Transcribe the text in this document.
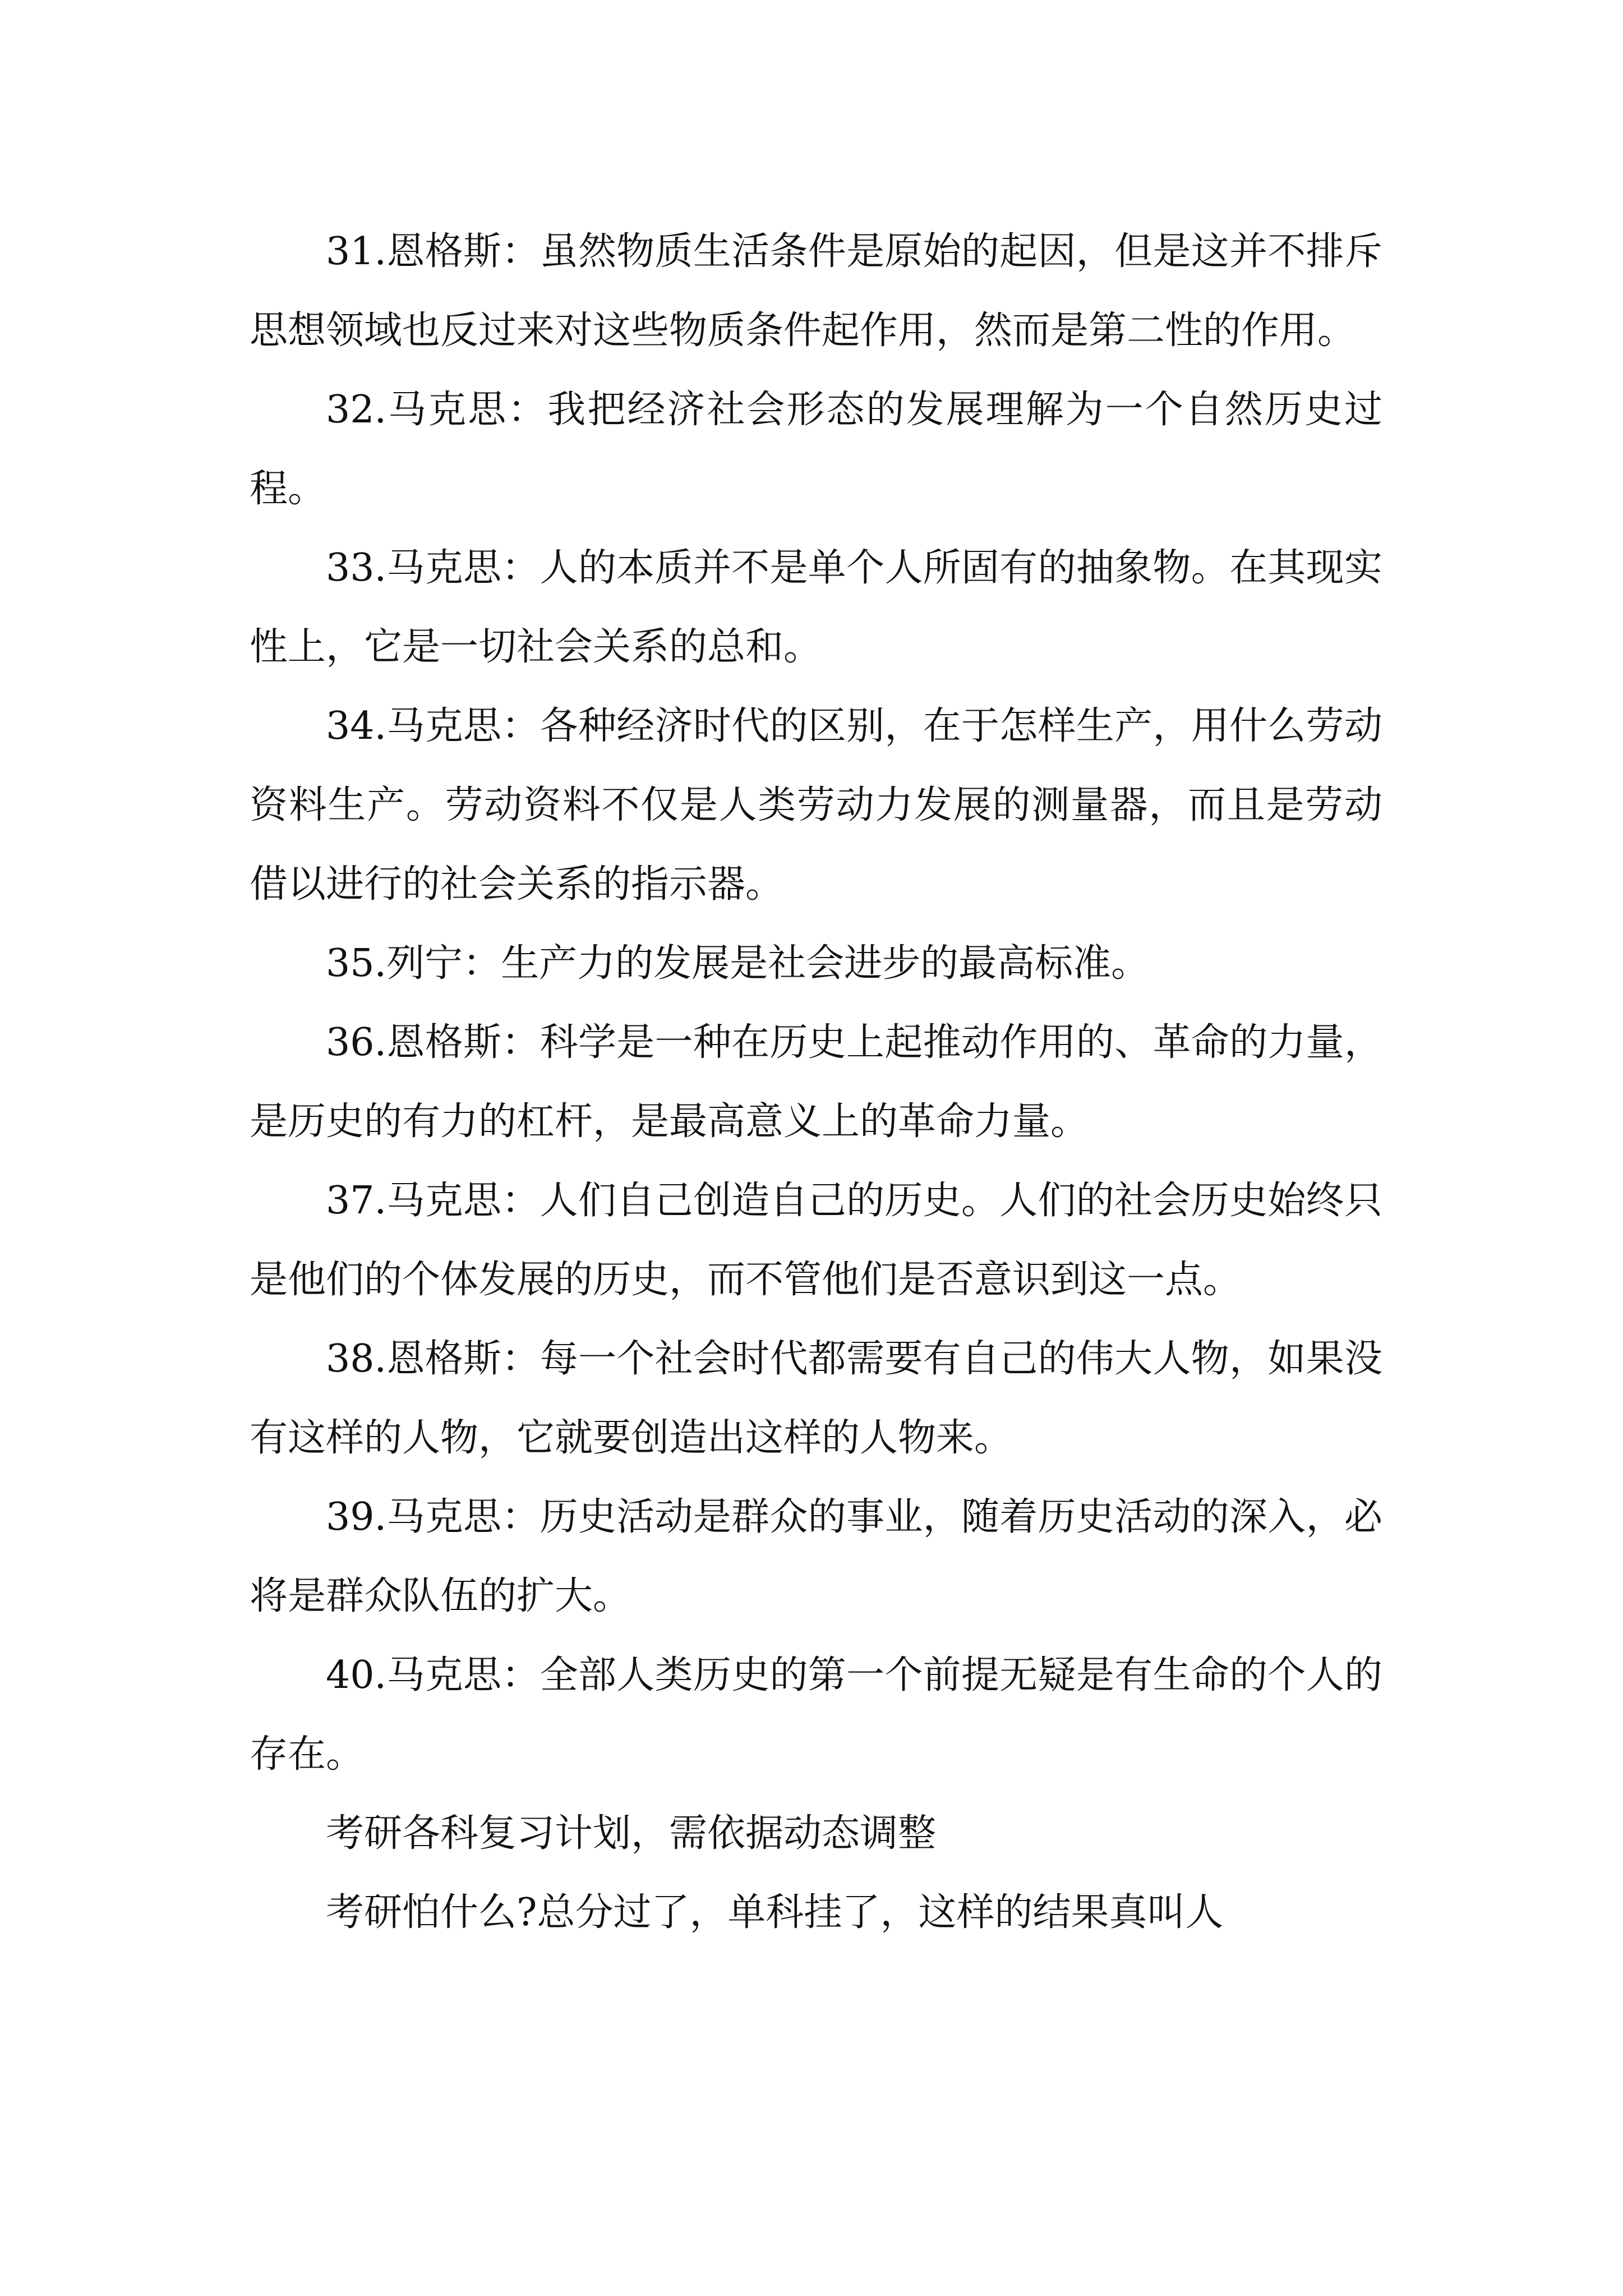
31.恩格斯：虽然物质生活条件是原始的起因，但是这并不排斥思想领域也反过来对这些物质条件起作用，然而是第二性的作用。

32.马克思：我把经济社会形态的发展理解为一个自然历史过程。

33.马克思：人的本质并不是单个人所固有的抽象物。在其现实性上，它是一切社会关系的总和。

34.马克思：各种经济时代的区别，在于怎样生产，用什么劳动资料生产。劳动资料不仅是人类劳动力发展的测量器，而且是劳动借以进行的社会关系的指示器。

35.列宁：生产力的发展是社会进步的最高标准。

36.恩格斯：科学是一种在历史上起推动作用的、革命的力量，是历史的有力的杠杆，是最高意义上的革命力量。

37.马克思：人们自己创造自己的历史。人们的社会历史始终只是他们的个体发展的历史，而不管他们是否意识到这一点。

38.恩格斯：每一个社会时代都需要有自己的伟大人物，如果没有这样的人物，它就要创造出这样的人物来。

39.马克思：历史活动是群众的事业，随着历史活动的深入，必将是群众队伍的扩大。

40.马克思：全部人类历史的第一个前提无疑是有生命的个人的存在。

考研各科复习计划，需依据动态调整

考研怕什么?总分过了，单科挂了，这样的结果真叫人
